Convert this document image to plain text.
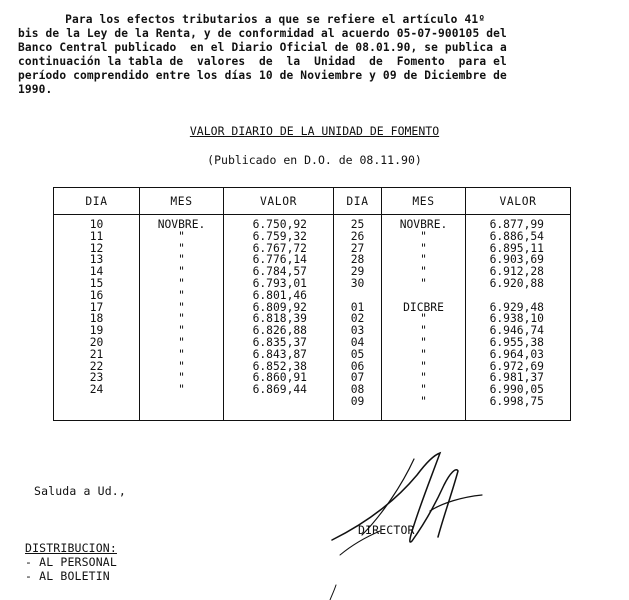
Para los efectos tributarios a que se refiere el artículo 41º
bis de la Ley de la Renta, y de conformidad al acuerdo 05-07-900105 del
Banco Central publicado  en el Diario Oficial de 08.01.90, se publica a
continuación la tabla de  valores  de  la  Unidad  de  Fomento  para el
período comprendido entre los días 10 de Noviembre y 09 de Diciembre de
1990.
VALOR DIARIO DE LA UNIDAD DE FOMENTO
(Publicado en D.O. de 08.11.90)
DIA	MES	VALOR	DIA	MES	VALOR

10	NOVBRE.	6.750,92	25	NOVBRE.	6.877,99
11	"	6.759,32	26	"	6.886,54
12	"	6.767,72	27	"	6.895,11
13	"	6.776,14	28	"	6.903,69
14	"	6.784,57	29	"	6.912,28
15	"	6.793,01	30	"	6.920,88
16	"	6.801,46			
17	"	6.809,92	01	DICBRE	6.929,48
18	"	6.818,39	02	"	6.938,10
19	"	6.826,88	03	"	6.946,74
20	"	6.835,37	04	"	6.955,38
21	"	6.843,87	05	"	6.964,03
22	"	6.852,38	06	"	6.972,69
23	"	6.860,91	07	"	6.981,37
24	"	6.869,44	08	"	6.990,05
			09	"	6.998,75
Saluda a Ud.,
DIRECTOR
DISTRIBUCION:
- AL PERSONAL
- AL BOLETIN
